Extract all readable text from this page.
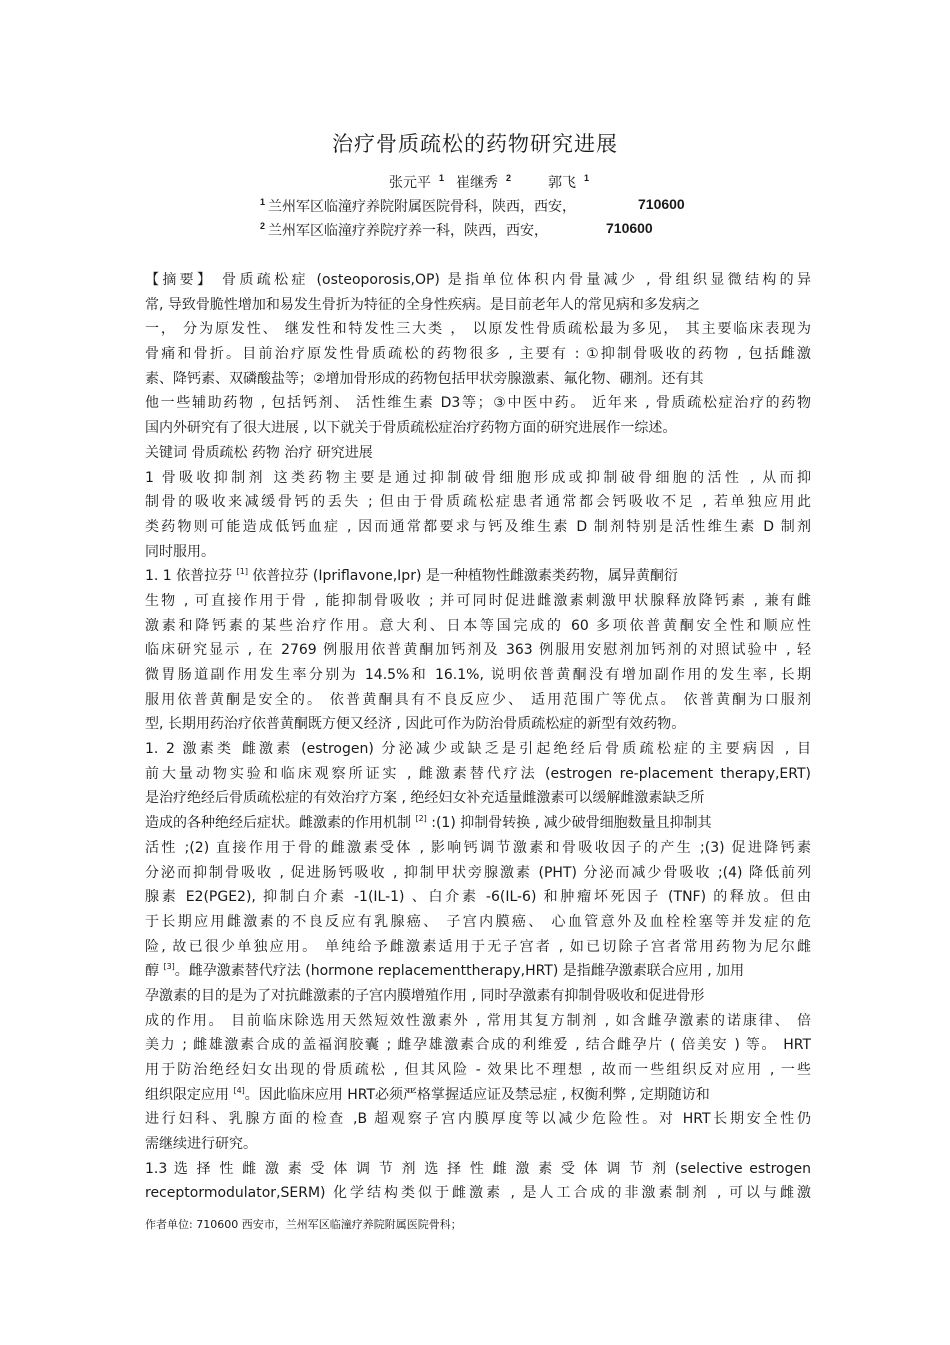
治疗骨质疏松的药物研究进展
张元平 $^1$ 崔继秀 $^2$	郭飞 $^1$
$^1$ 兰州军区临潼疗养院附属医院骨科，陕西，西安，	710600
$^2$ 兰州军区临潼疗养院疗养一科，陕西，西安，	710600
【摘要】 骨质疏松症 (osteoporosis,OP) 是指单位体积内骨量减少 , 骨组织显微结构的异
常, 导致骨脆性增加和易发生骨折为特征的全身性疾病。是目前老年人的常见病和多发病之
一， 分为原发性、 继发性和特发性三大类 ， 以原发性骨质疏松最为多见， 其主要临床表现为
骨痛和骨折。目前治疗原发性骨质疏松的药物很多 , 主要有 : ①抑制骨吸收的药物 , 包括雌激
素、降钙素、双磷酸盐等；②增加骨形成的药物包括甲状旁腺激素、氟化物、硼剂。还有其
他一些辅助药物 , 包括钙剂、 活性维生素 D3等；③中医中药。 近年来 , 骨质疏松症治疗的药物
国内外研究有了很大进展 , 以下就关于骨质疏松症治疗药物方面的研究进展作一综述。
关键词 骨质疏松 药物 治疗 研究进展
1 骨吸收抑制剂 这类药物主要是通过抑制破骨细胞形成或抑制破骨细胞的活性 , 从而抑
制骨的吸收来减缓骨钙的丢失 ; 但由于骨质疏松症患者通常都会钙吸收不足 , 若单独应用此
类药物则可能造成低钙血症 , 因而通常都要求与钙及维生素 D 制剂特别是活性维生素 D 制剂
同时服用。
1. 1 依普拉芬 [1] 依普拉芬 (Ipriflavone,Ipr) 是一种植物性雌激素类药物，属异黄酮衍
生物 , 可直接作用于骨 , 能抑制骨吸收 ; 并可同时促进雌激素刺激甲状腺释放降钙素 , 兼有雌
激素和降钙素的某些治疗作用。意大利、日本等国完成的 60 多项依普黄酮安全性和顺应性
临床研究显示 , 在 2769 例服用依普黄酮加钙剂及 363 例服用安慰剂加钙剂的对照试验中 , 轻
微胃肠道副作用发生率分别为 14.5%和 16.1%, 说明依普黄酮没有增加副作用的发生率, 长期
服用依普黄酮是安全的。 依普黄酮具有不良反应少、 适用范围广等优点。 依普黄酮为口服剂
型, 长期用药治疗依普黄酮既方便又经济 , 因此可作为防治骨质疏松症的新型有效药物。
1. 2 激素类 雌激素 (estrogen) 分泌减少或缺乏是引起绝经后骨质疏松症的主要病因 , 目
前大量动物实验和临床观察所证实 , 雌激素替代疗法 (estrogen re-placement therapy,ERT)
是治疗绝经后骨质疏松症的有效治疗方案 , 绝经妇女补充适量雌激素可以缓解雌激素缺乏所
造成的各种绝经后症状。雌激素的作用机制 [2] :(1) 抑制骨转换 , 减少破骨细胞数量且抑制其
活性 ;(2) 直接作用于骨的雌激素受体 , 影响钙调节激素和骨吸收因子的产生 ;(3) 促进降钙素
分泌而抑制骨吸收 , 促进肠钙吸收 , 抑制甲状旁腺激素 (PHT) 分泌而减少骨吸收 ;(4) 降低前列
腺素 E2(PGE2), 抑制白介素 -1(IL-1) 、白介素 -6(IL-6) 和肿瘤坏死因子 (TNF) 的释放。但由
于长期应用雌激素的不良反应有乳腺癌、 子宫内膜癌、 心血管意外及血栓栓塞等并发症的危
险, 故已很少单独应用。 单纯给予雌激素适用于无子宫者 , 如已切除子宫者常用药物为尼尔雌
醇 [3]。雌孕激素替代疗法 (hormone replacementtherapy,HRT) 是指雌孕激素联合应用 , 加用
孕激素的目的是为了对抗雌激素的子宫内膜增殖作用 , 同时孕激素有抑制骨吸收和促进骨形
成的作用。 目前临床除选用天然短效性激素外 , 常用其复方制剂 , 如含雌孕激素的诺康律、 倍
美力 ; 雌雄激素合成的盖福润胶囊 ; 雌孕雄激素合成的利维爱 , 结合雌孕片 ( 倍美安 ) 等。 HRT
用于防治绝经妇女出现的骨质疏松 , 但其风险 - 效果比不理想 , 故而一些组织反对应用 , 一些
组织限定应用 [4]。因此临床应用 HRT必须严格掌握适应证及禁忌症 , 权衡利弊 , 定期随访和
进行妇科、乳腺方面的检查 ,B 超观察子宫内膜厚度等以减少危险性。对 HRT长期安全性仍
需继续进行研究。
1.3 选 择 性 雌 激 素 受 体 调 节 剂 选 择 性 雌 激 素 受 体 调 节 剂 (selective estrogen
receptormodulator,SERM) 化学结构类似于雌激素 , 是人工合成的非激素制剂 , 可以与雌激
作者单位: 710600 西安市，兰州军区临潼疗养院附属医院骨科；
